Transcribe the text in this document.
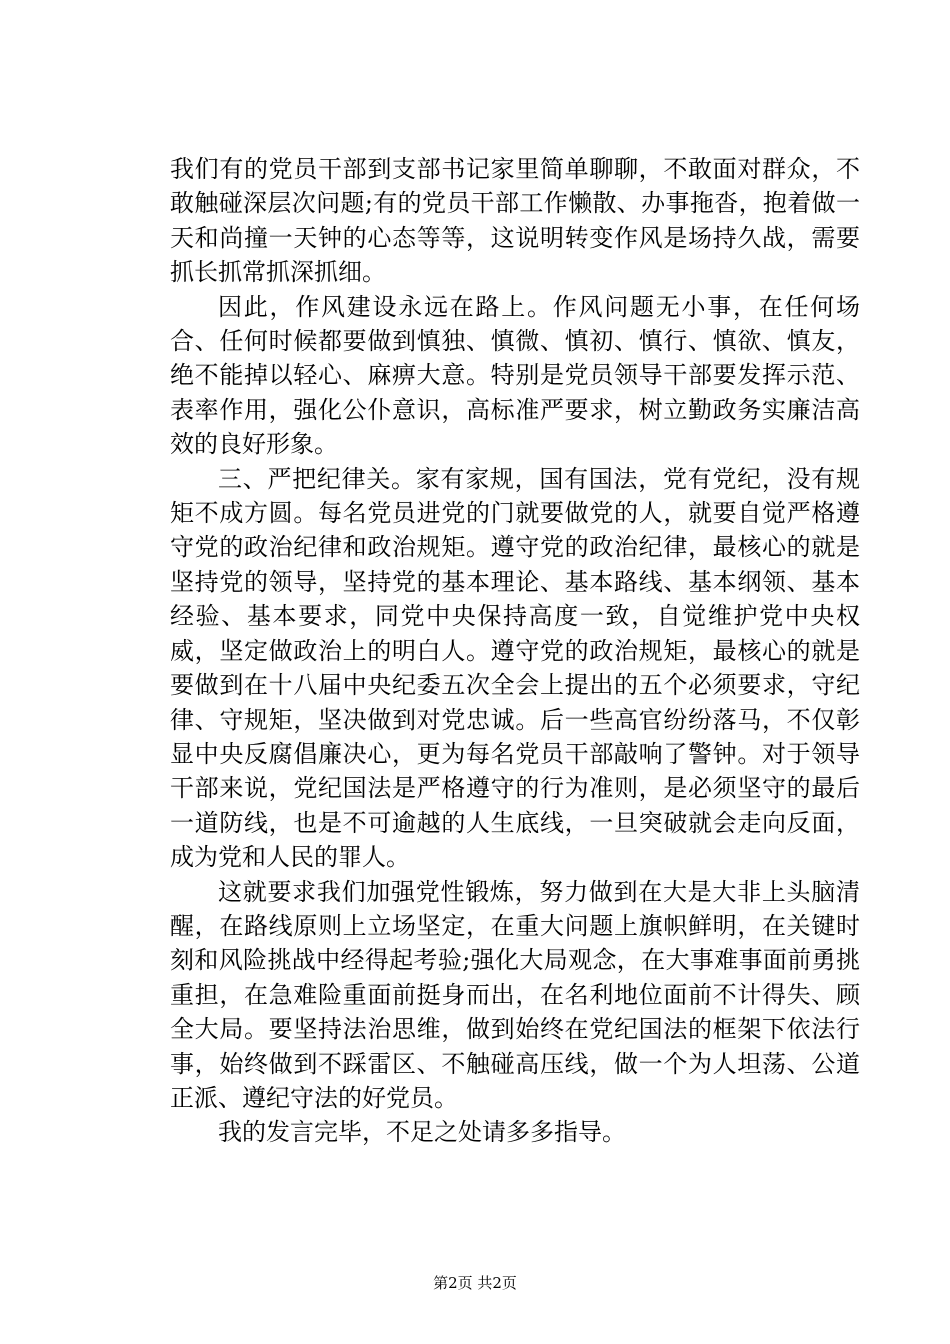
我们有的党员干部到支部书记家里简单聊聊，不敢面对群众，不敢触碰深层次问题;有的党员干部工作懒散、办事拖沓，抱着做一天和尚撞一天钟的心态等等，这说明转变作风是场持久战，需要抓长抓常抓深抓细。

因此，作风建设永远在路上。作风问题无小事，在任何场合、任何时候都要做到慎独、慎微、慎初、慎行、慎欲、慎友，绝不能掉以轻心、麻痹大意。特别是党员领导干部要发挥示范、表率作用，强化公仆意识，高标准严要求，树立勤政务实廉洁高效的良好形象。

三、严把纪律关。家有家规，国有国法，党有党纪，没有规矩不成方圆。每名党员进党的门就要做党的人，就要自觉严格遵守党的政治纪律和政治规矩。遵守党的政治纪律，最核心的就是坚持党的领导，坚持党的基本理论、基本路线、基本纲领、基本经验、基本要求，同党中央保持高度一致，自觉维护党中央权威，坚定做政治上的明白人。遵守党的政治规矩，最核心的就是要做到在十八届中央纪委五次全会上提出的五个必须要求，守纪律、守规矩，坚决做到对党忠诚。后一些高官纷纷落马，不仅彰显中央反腐倡廉决心，更为每名党员干部敲响了警钟。对于领导干部来说，党纪国法是严格遵守的行为准则，是必须坚守的最后一道防线，也是不可逾越的人生底线，一旦突破就会走向反面，成为党和人民的罪人。

这就要求我们加强党性锻炼，努力做到在大是大非上头脑清醒，在路线原则上立场坚定，在重大问题上旗帜鲜明，在关键时刻和风险挑战中经得起考验;强化大局观念，在大事难事面前勇挑重担，在急难险重面前挺身而出，在名利地位面前不计得失、顾全大局。要坚持法治思维，做到始终在党纪国法的框架下依法行事，始终做到不踩雷区、不触碰高压线，做一个为人坦荡、公道正派、遵纪守法的好党员。

我的发言完毕，不足之处请多多指导。

第2页 共2页
